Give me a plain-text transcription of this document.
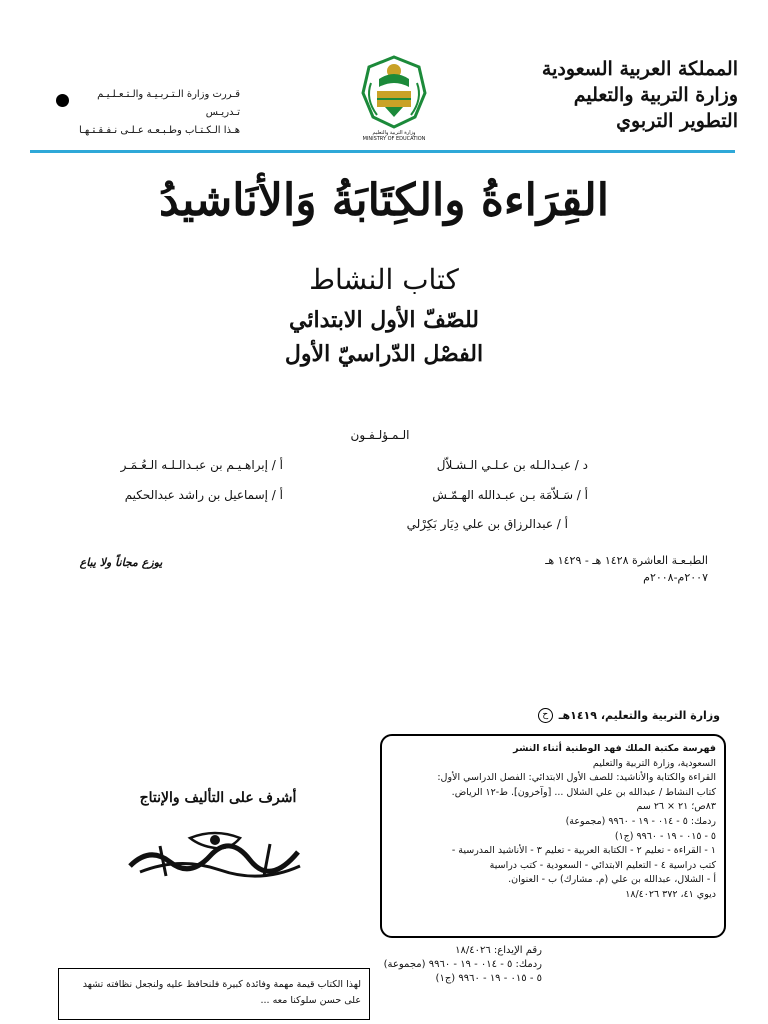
المملكة العربية السعودية
وزارة التربية والتعليم
التطوير التربوي
وزارة التربية والتعليم
MINISTRY OF EDUCATION
قـررت وزارة الـتـربـيـة والـتـعـلـيـم تـدريـس
هـذا الـكـتـاب وطـبـعـه عـلـى نـفـقـتـهـا
القِرَاءةُ والكِتَابَةُ وَالأنَاشيدُ
كتاب النشاط
للصّفّ الأول الابتدائي
الفصْل الدّراسيّ الأول
الـمـؤلـفـون
د / عبـدالـله بن عـلـي الـشـلاّل
أ / إبراهـيـم بن عبـدالـلـه الـعُـمَـر
أ / سَـلاّمَة بـن عبـدالله الهـمّـش
أ / إسماعيل بن راشد عبدالحكيم
أ / عبدالرزاق بن علي دِيَار بَكِرْلي
الطبـعـة العاشرة ١٤٢٨ هـ - ١٤٢٩ هـ
٢٠٠٧م-٢٠٠٨م
يوزع مجاناً ولا يباع
وزارة التربية والتعليم، ١٤١٩هـ
ح
فهرسة مكتبة الملك فهد الوطنية أثناء النشر
السعودية، وزارة التربية والتعليم
القراءة والكتابة والأناشيد: للصف الأول الابتدائي: الفصل الدراسي الأول:
كتاب النشاط / عبدالله بن علي الشلال ... [وآخرون]. ط-١٢ الرياض.
٨٣ص؛ ٢١ × ٢٦ سم
ردمك: ٥ - ٠١٤ - ١٩ - ٩٩٦٠ (مجموعة)
٥ - ٠١٥ - ١٩ - ٩٩٦٠ (ج١)
١ - القراءة - تعليم ٢ - الكتابة العربية - تعليم ٣ - الأناشيد المدرسية -
كتب دراسية ٤ - التعليم الابتدائي - السعودية - كتب دراسية
أ - الشلال، عبدالله بن علي (م. مشارك) ب - العنوان.
ديوي ٤١، ٣٧٢ ١٨/٤٠٢٦
أشرف على التأليف والإنتاج
رقم الإيداع: ١٨/٤٠٢٦
ردمك: ٥ - ٠١٤ - ١٩ - ٩٩٦٠ (مجموعة)
٥ - ٠١٥ - ١٩ - ٩٩٦٠ (ج١)
لهذا الكتاب قيمة مهمة وفائدة كبيرة فلنحافظ عليه ولنجعل نظافته تشهد
على حسن سلوكنا معه ...
